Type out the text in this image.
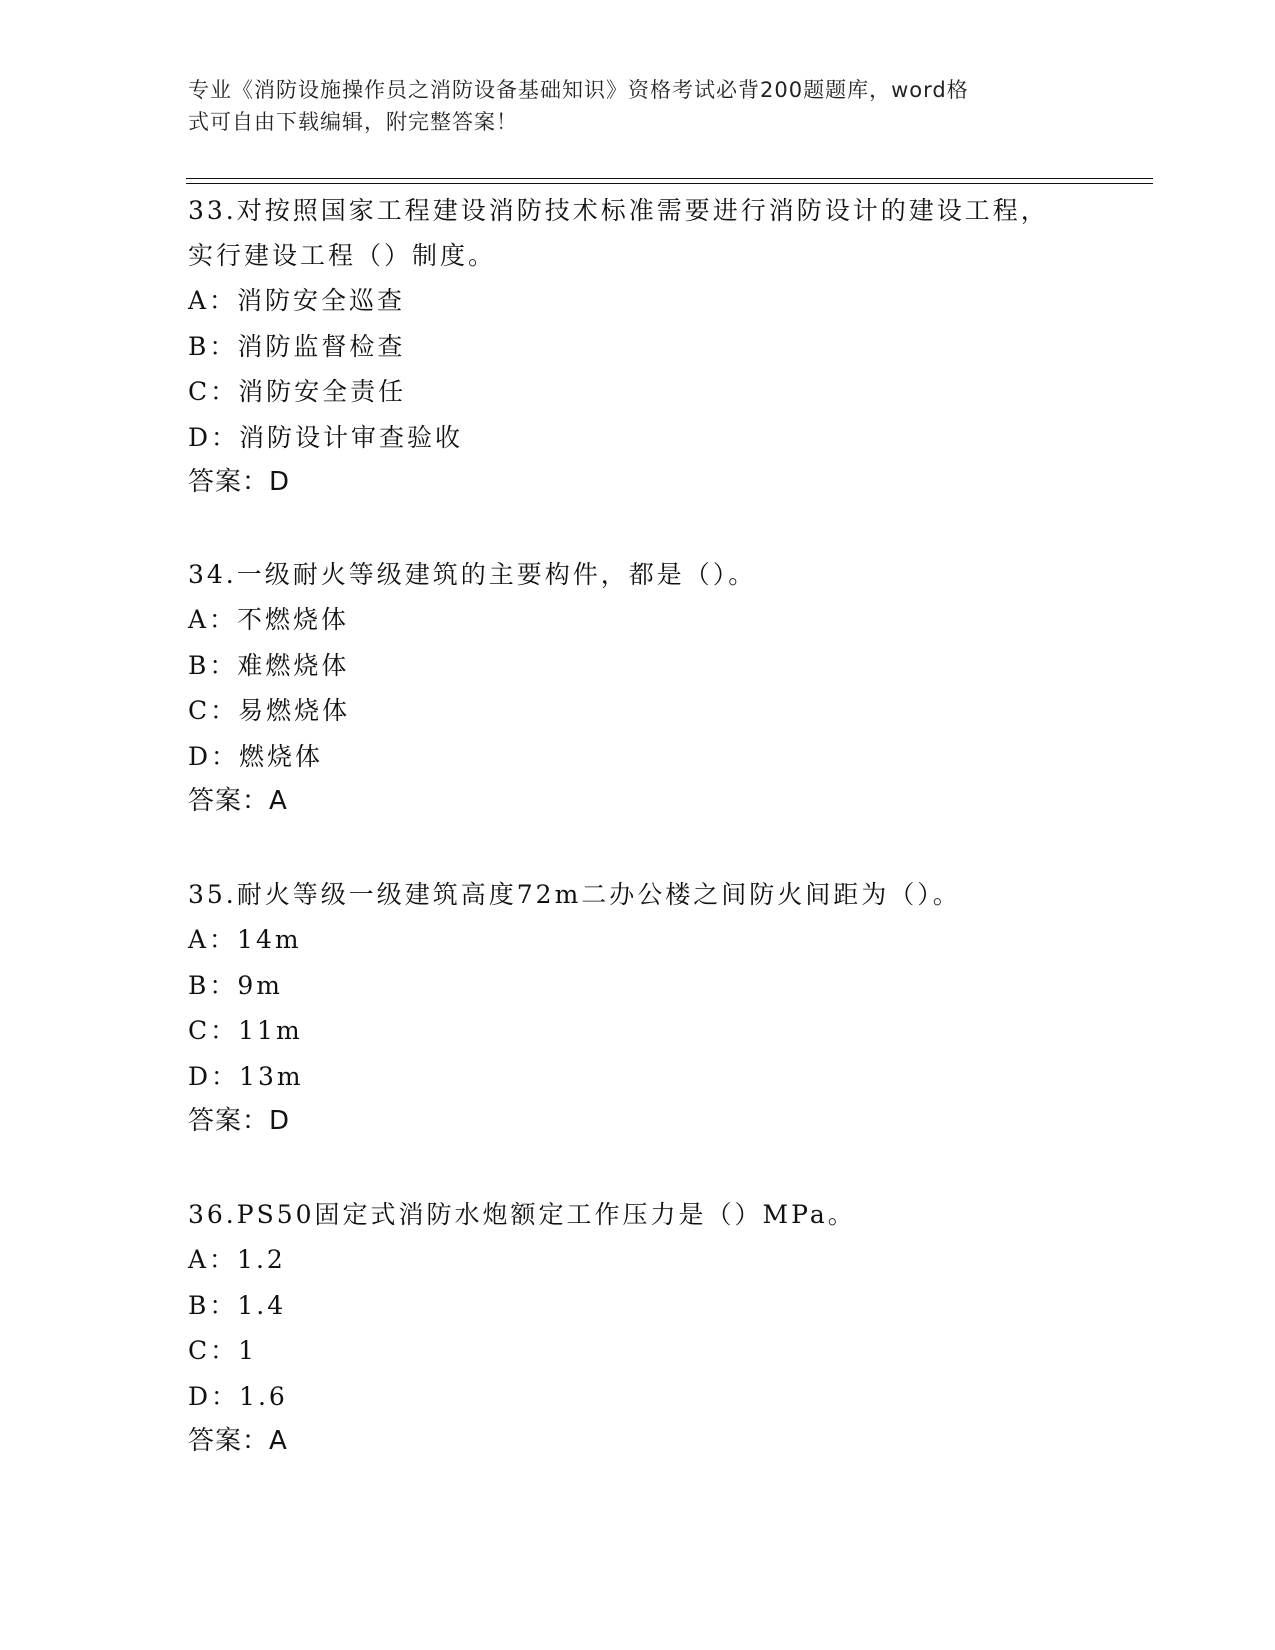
专业《消防设施操作员之消防设备基础知识》资格考试必背200题题库，word格
式可自由下载编辑，附完整答案！
33.对按照国家工程建设消防技术标准需要进行消防设计的建设工程，
实行建设工程（）制度。
A：消防安全巡查
B：消防监督检查
C：消防安全责任
D：消防设计审查验收
答案：D
34.一级耐火等级建筑的主要构件，都是（）。
A：不燃烧体
B：难燃烧体
C：易燃烧体
D：燃烧体
答案：A
35.耐火等级一级建筑高度72m二办公楼之间防火间距为（）。
A：14m
B：9m
C：11m
D：13m
答案：D
36.PS50固定式消防水炮额定工作压力是（）MPa。
A：1.2
B：1.4
C：1
D：1.6
答案：A
